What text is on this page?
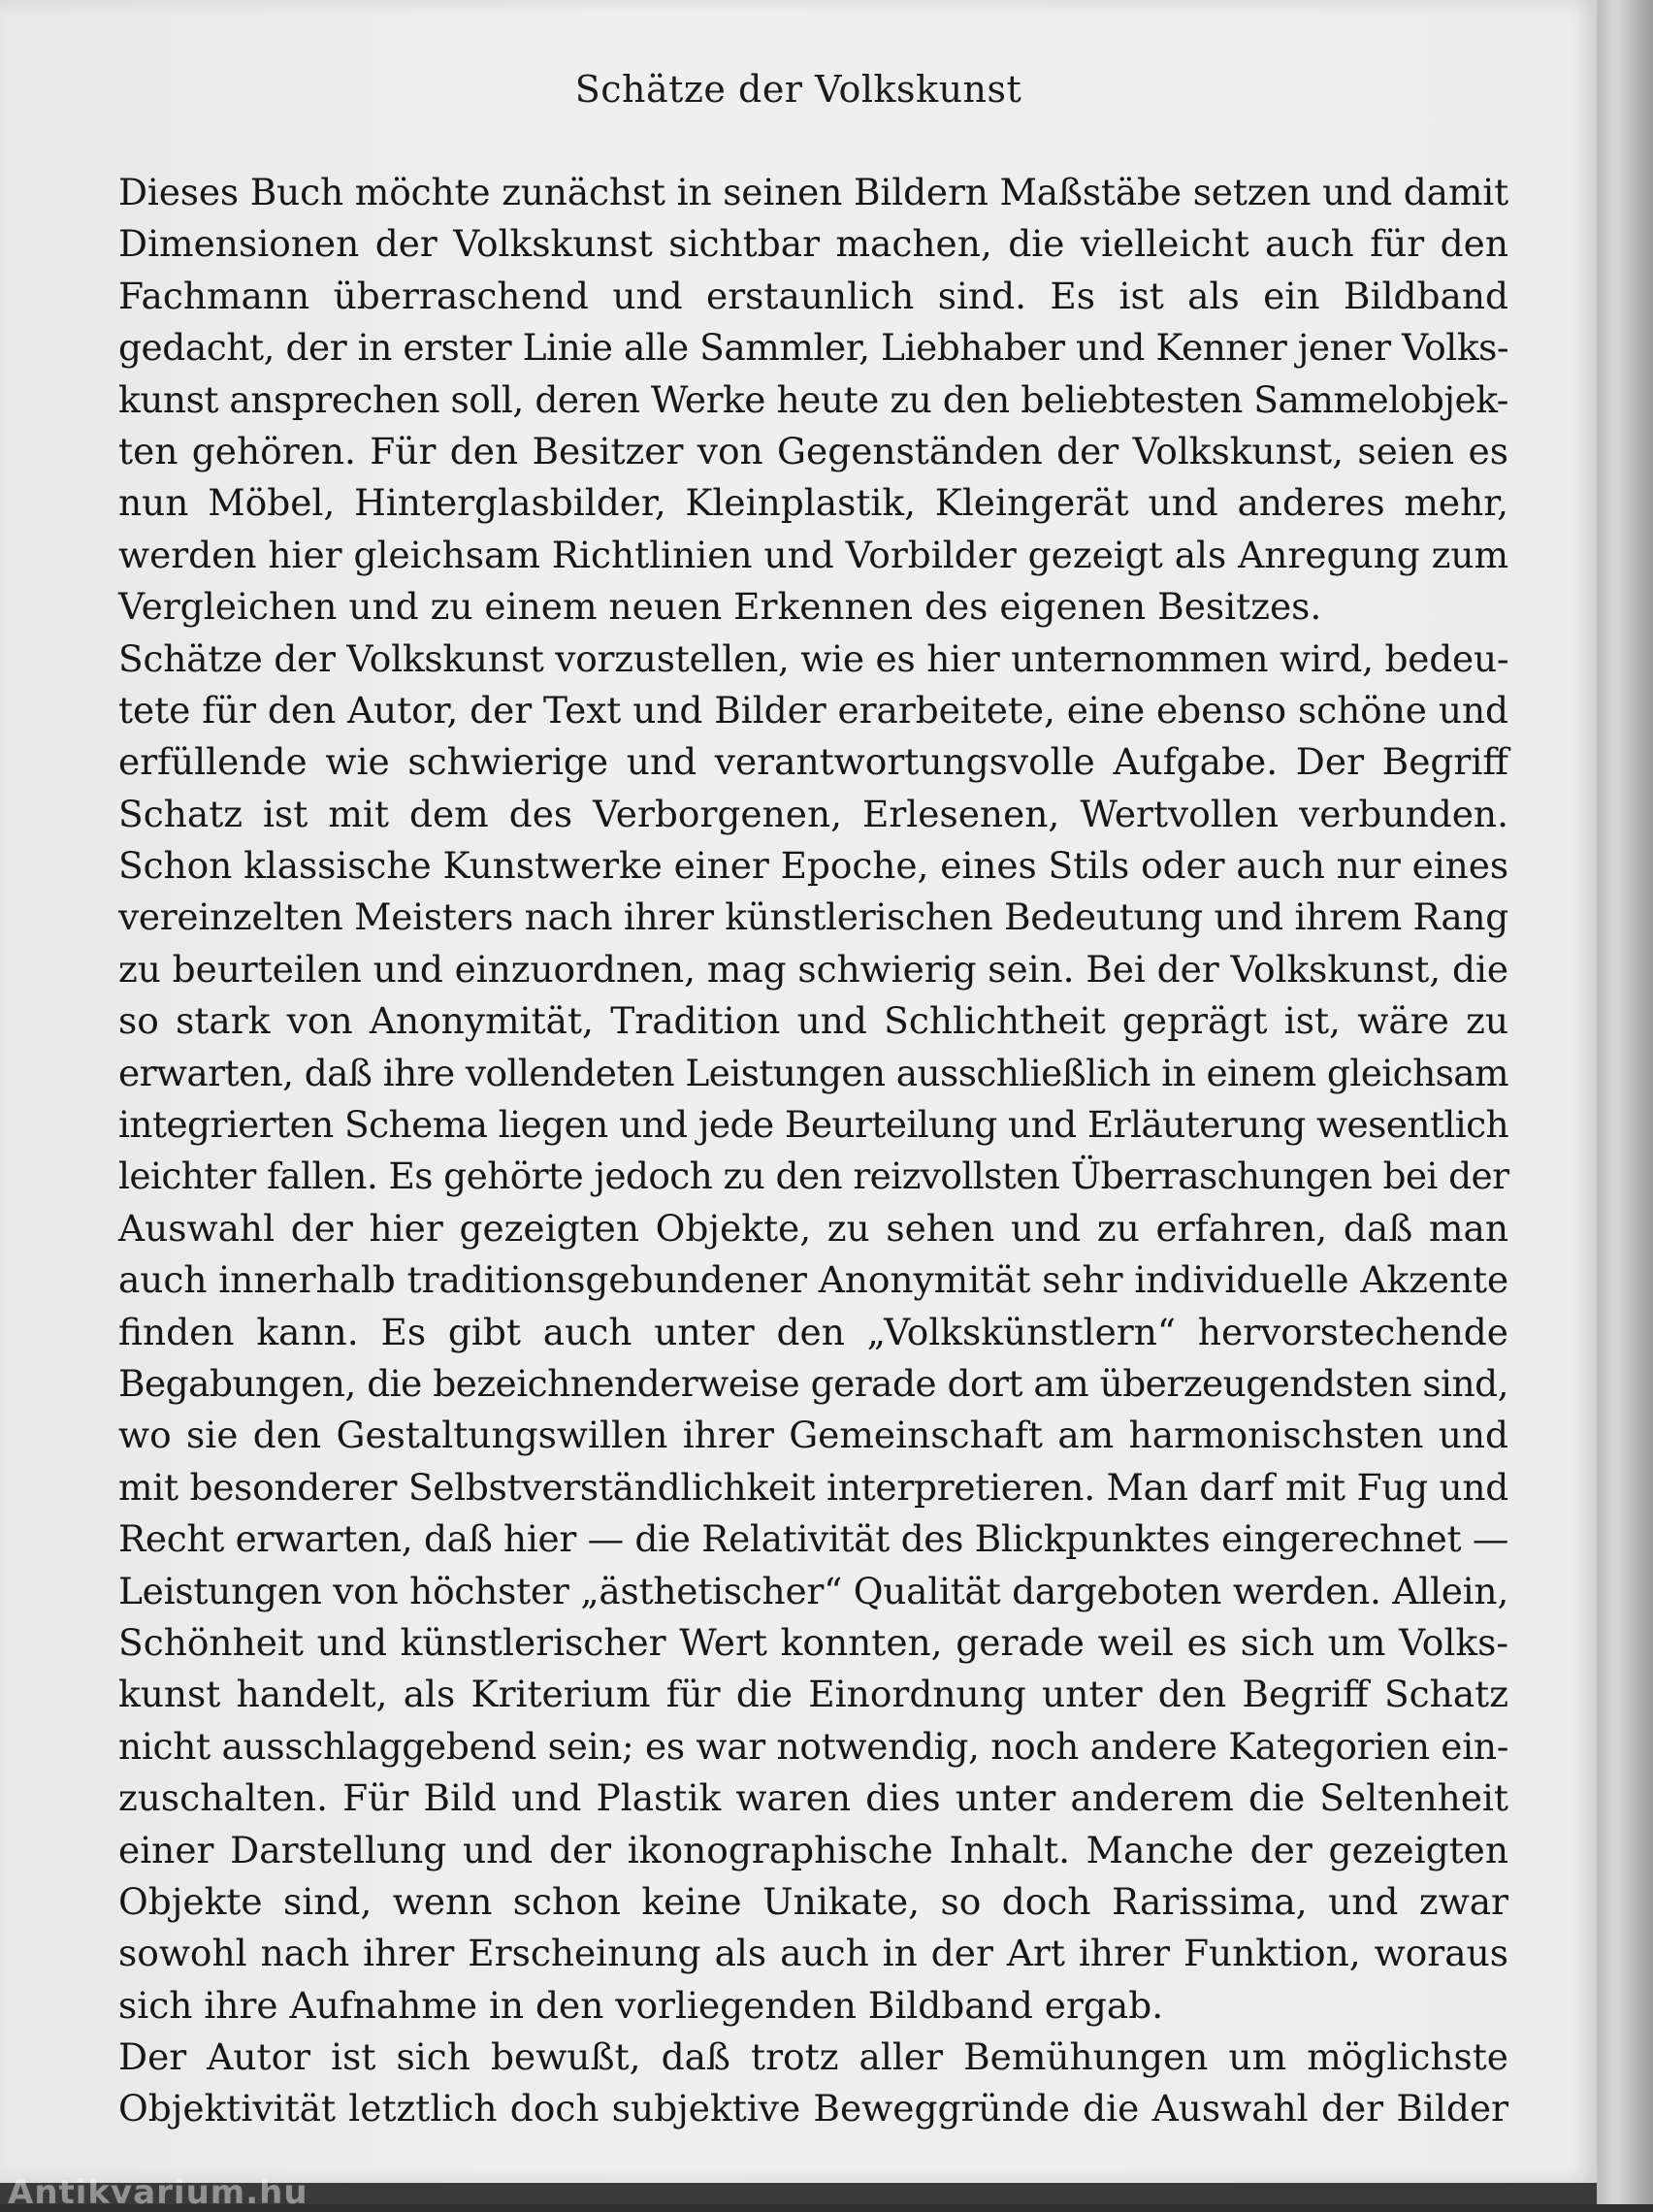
Schätze der Volkskunst
Dieses Buch möchte zunächst in seinen Bildern Maßstäbe setzen und damit
Dimensionen der Volkskunst sichtbar machen, die vielleicht auch für den
Fachmann überraschend und erstaunlich sind. Es ist als ein Bildband
gedacht, der in erster Linie alle Sammler, Liebhaber und Kenner jener Volks-
kunst ansprechen soll, deren Werke heute zu den beliebtesten Sammelobjek-
ten gehören. Für den Besitzer von Gegenständen der Volkskunst, seien es
nun Möbel, Hinterglasbilder, Kleinplastik, Kleingerät und anderes mehr,
werden hier gleichsam Richtlinien und Vorbilder gezeigt als Anregung zum
Vergleichen und zu einem neuen Erkennen des eigenen Besitzes.
Schätze der Volkskunst vorzustellen, wie es hier unternommen wird, bedeu-
tete für den Autor, der Text und Bilder erarbeitete, eine ebenso schöne und
erfüllende wie schwierige und verantwortungsvolle Aufgabe. Der Begriff
Schatz ist mit dem des Verborgenen, Erlesenen, Wertvollen verbunden.
Schon klassische Kunstwerke einer Epoche, eines Stils oder auch nur eines
vereinzelten Meisters nach ihrer künstlerischen Bedeutung und ihrem Rang
zu beurteilen und einzuordnen, mag schwierig sein. Bei der Volkskunst, die
so stark von Anonymität, Tradition und Schlichtheit geprägt ist, wäre zu
erwarten, daß ihre vollendeten Leistungen ausschließlich in einem gleichsam
integrierten Schema liegen und jede Beurteilung und Erläuterung wesentlich
leichter fallen. Es gehörte jedoch zu den reizvollsten Überraschungen bei der
Auswahl der hier gezeigten Objekte, zu sehen und zu erfahren, daß man
auch innerhalb traditionsgebundener Anonymität sehr individuelle Akzente
finden kann. Es gibt auch unter den „Volkskünstlern“ hervorstechende
Begabungen, die bezeichnenderweise gerade dort am überzeugendsten sind,
wo sie den Gestaltungswillen ihrer Gemeinschaft am harmonischsten und
mit besonderer Selbstverständlichkeit interpretieren. Man darf mit Fug und
Recht erwarten, daß hier — die Relativität des Blickpunktes eingerechnet —
Leistungen von höchster „ästhetischer“ Qualität dargeboten werden. Allein,
Schönheit und künstlerischer Wert konnten, gerade weil es sich um Volks-
kunst handelt, als Kriterium für die Einordnung unter den Begriff Schatz
nicht ausschlaggebend sein; es war notwendig, noch andere Kategorien ein-
zuschalten. Für Bild und Plastik waren dies unter anderem die Seltenheit
einer Darstellung und der ikonographische Inhalt. Manche der gezeigten
Objekte sind, wenn schon keine Unikate, so doch Rarissima, und zwar
sowohl nach ihrer Erscheinung als auch in der Art ihrer Funktion, woraus
sich ihre Aufnahme in den vorliegenden Bildband ergab.
Der Autor ist sich bewußt, daß trotz aller Bemühungen um möglichste
Objektivität letztlich doch subjektive Beweggründe die Auswahl der Bilder
Antikvarium.hu
